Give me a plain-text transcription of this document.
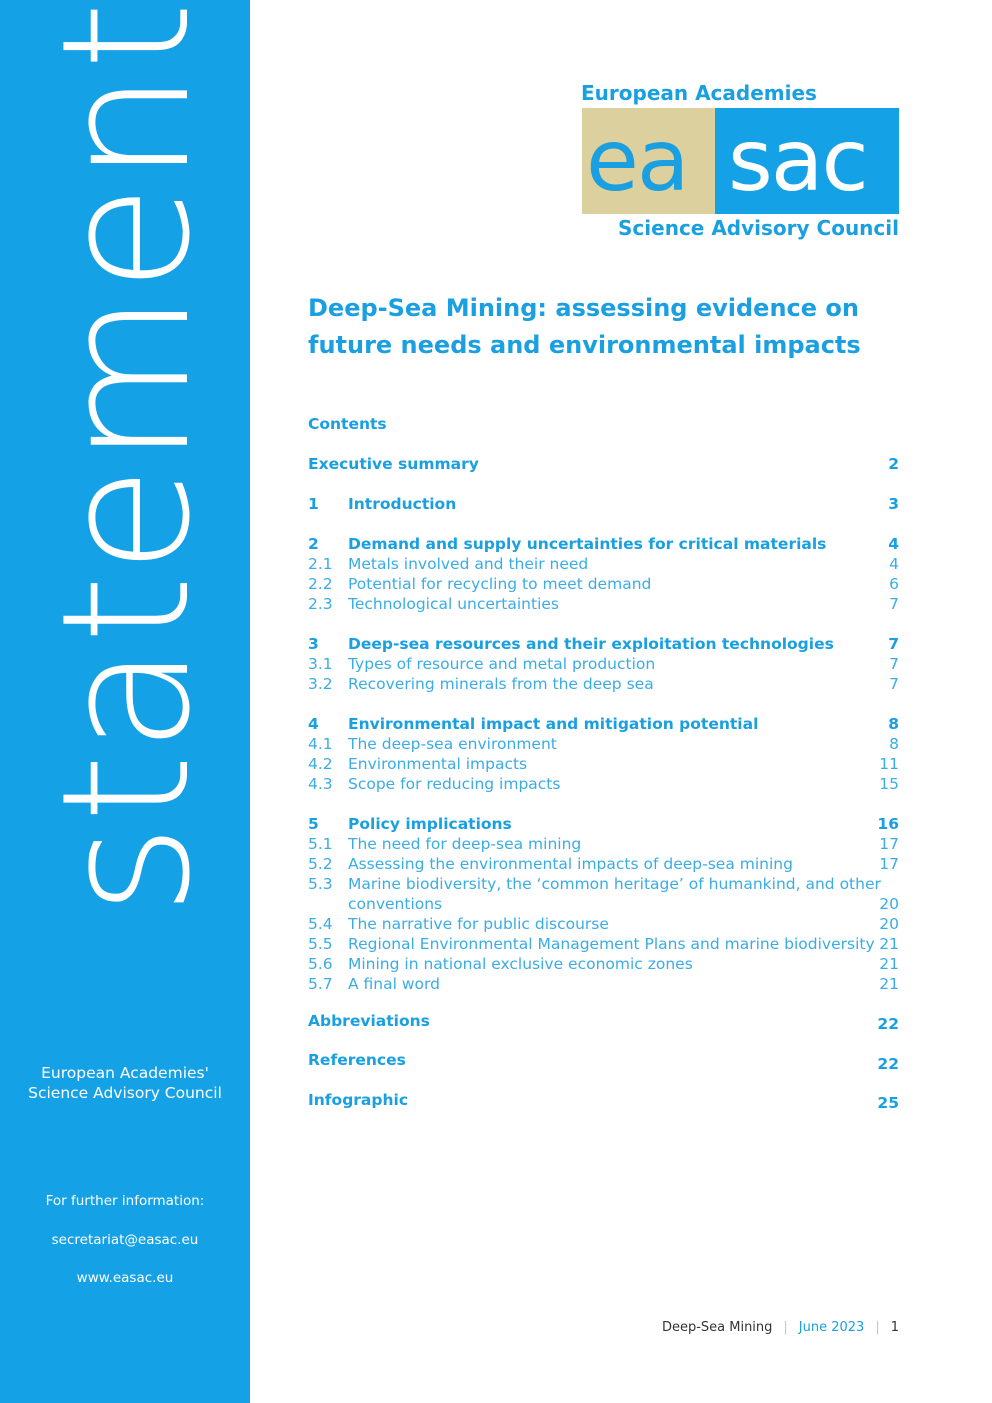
statement
European Academies'
Science Advisory Council
For further information:
secretariat@easac.eu
www.easac.eu
European Academies
ea sac
Science Advisory Council
Deep-Sea Mining: assessing evidence on future needs and environmental impacts
Contents
Executive summary	2
1 Introduction	3
2 Demand and supply uncertainties for critical materials	4
2.1 Metals involved and their need	4
2.2 Potential for recycling to meet demand	6
2.3 Technological uncertainties	7
3 Deep-sea resources and their exploitation technologies	7
3.1 Types of resource and metal production	7
3.2 Recovering minerals from the deep sea	7
4 Environmental impact and mitigation potential	8
4.1 The deep-sea environment	8
4.2 Environmental impacts	11
4.3 Scope for reducing impacts	15
5 Policy implications	16
5.1 The need for deep-sea mining	17
5.2 Assessing the environmental impacts of deep-sea mining	17
5.3 Marine biodiversity, the ‘common heritage’ of humankind, and other
conventions	20
5.4 The narrative for public discourse	20
5.5 Regional Environmental Management Plans and marine biodiversity 21
5.6 Mining in national exclusive economic zones	21
5.7 A final word	21
Abbreviations	22
References	22
Infographic	25
Deep-Sea Mining | June 2023 | 1
